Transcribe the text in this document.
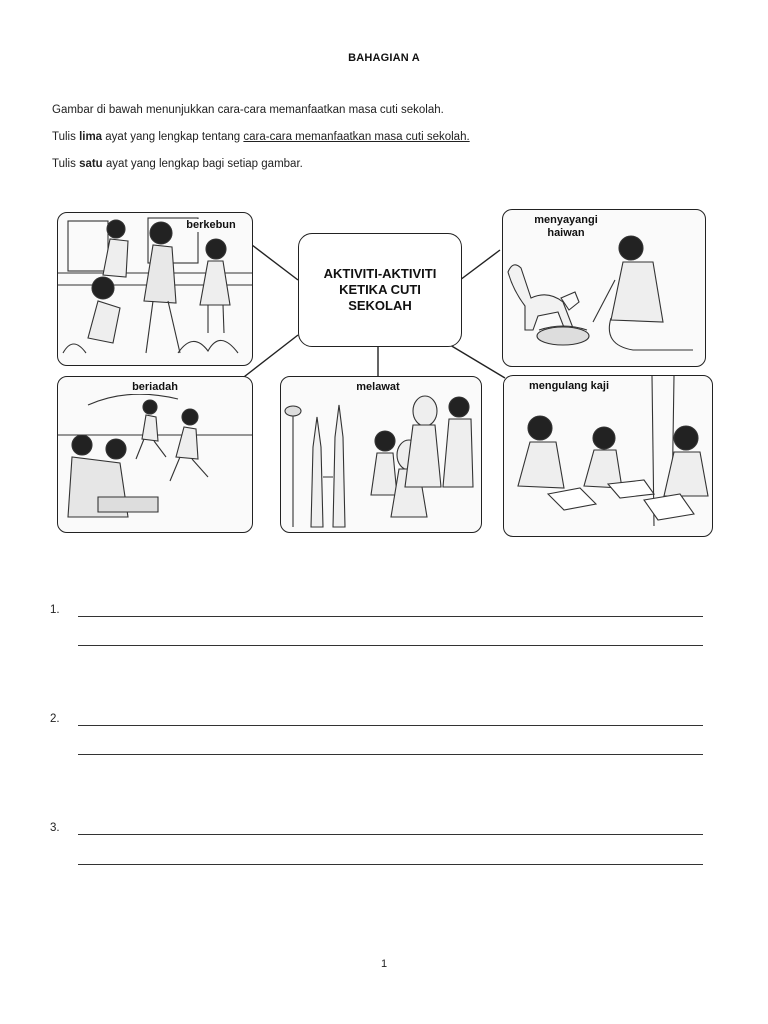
BAHAGIAN A
Gambar di bawah menunjukkan cara-cara memanfaatkan masa cuti sekolah.
Tulis lima ayat yang lengkap tentang cara-cara memanfaatkan masa cuti sekolah.
Tulis satu ayat yang lengkap bagi setiap gambar.
berkebun	menyayangi
haiwan
beriadah	melawat	mengulang kaji
AKTIVITI-AKTIVITI
KETIKA CUTI
SEKOLAH
1.
2.
3.
1
